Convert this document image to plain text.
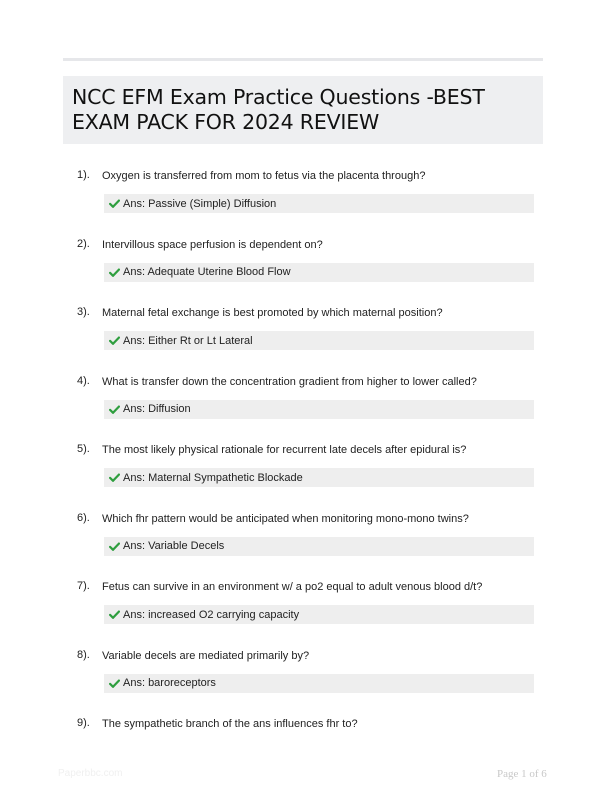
NCC EFM Exam Practice Questions -BEST EXAM PACK FOR 2024 REVIEW
1). Oxygen is transferred from mom to fetus via the placenta through?
Ans: Passive (Simple) Diffusion
2). Intervillous space perfusion is dependent on?
Ans: Adequate Uterine Blood Flow
3). Maternal fetal exchange is best promoted by which maternal position?
Ans: Either Rt or Lt Lateral
4). What is transfer down the concentration gradient from higher to lower called?
Ans: Diffusion
5). The most likely physical rationale for recurrent late decels after epidural is?
Ans: Maternal Sympathetic Blockade
6). Which fhr pattern would be anticipated when monitoring mono-mono twins?
Ans: Variable Decels
7). Fetus can survive in an environment w/ a po2 equal to adult venous blood d/t?
Ans: increased O2 carrying capacity
8). Variable decels are mediated primarily by?
Ans: baroreceptors
9). The sympathetic branch of the ans influences fhr to?
Paperbbc.com	Page 1 of 6
